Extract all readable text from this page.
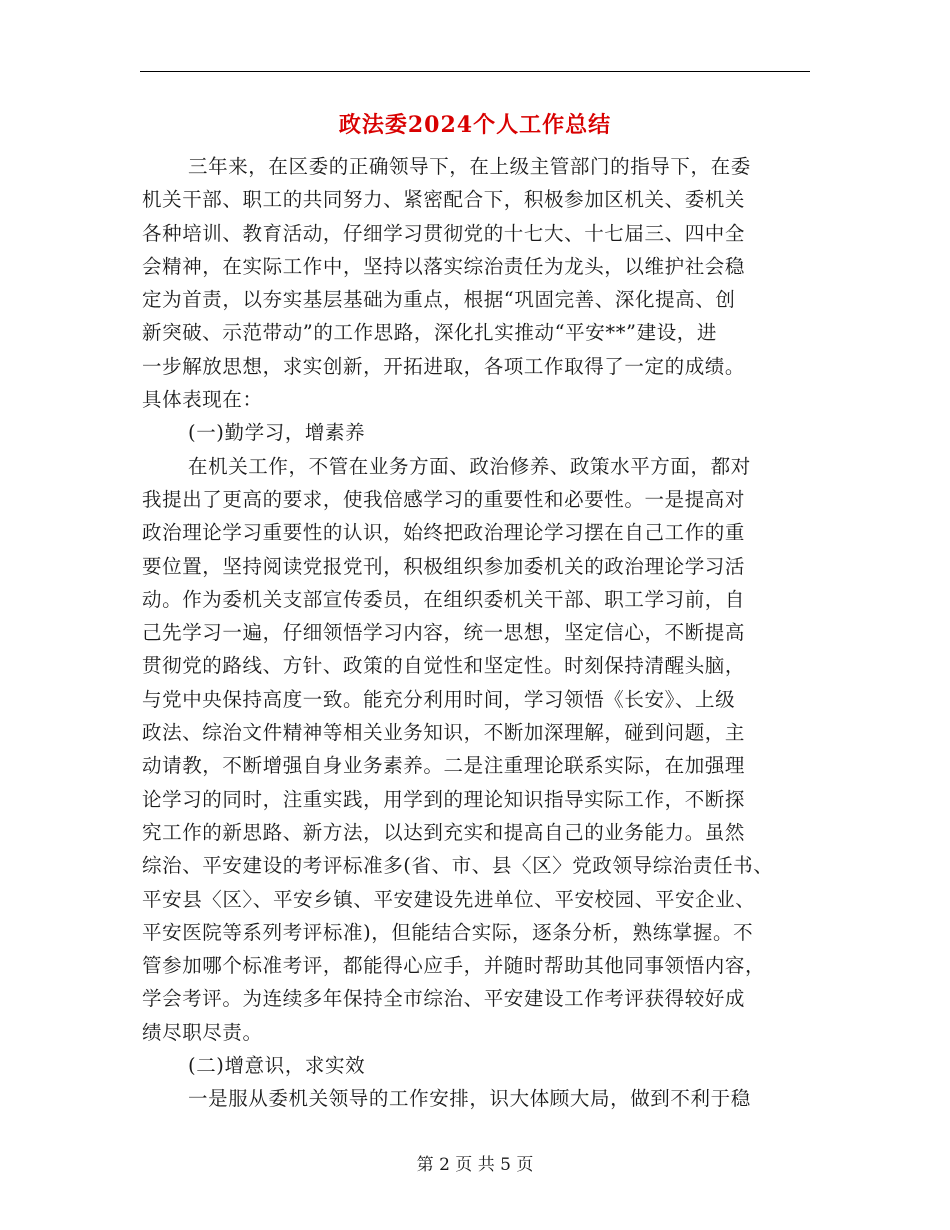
政法委2024个人工作总结
三年来，在区委的正确领导下，在上级主管部门的指导下，在委
机关干部、职工的共同努力、紧密配合下，积极参加区机关、委机关
各种培训、教育活动，仔细学习贯彻党的十七大、十七届三、四中全
会精神，在实际工作中，坚持以落实综治责任为龙头，以维护社会稳
定为首责，以夯实基层基础为重点，根据“巩固完善、深化提高、创
新突破、示范带动”的工作思路，深化扎实推动“平安**”建设，进
一步解放思想，求实创新，开拓进取，各项工作取得了一定的成绩。
具体表现在：
(一)勤学习，增素养
在机关工作，不管在业务方面、政治修养、政策水平方面，都对
我提出了更高的要求，使我倍感学习的重要性和必要性。一是提高对
政治理论学习重要性的认识，始终把政治理论学习摆在自己工作的重
要位置，坚持阅读党报党刊，积极组织参加委机关的政治理论学习活
动。作为委机关支部宣传委员，在组织委机关干部、职工学习前，自
己先学习一遍，仔细领悟学习内容，统一思想，坚定信心，不断提高
贯彻党的路线、方针、政策的自觉性和坚定性。时刻保持清醒头脑，
与党中央保持高度一致。能充分利用时间，学习领悟《长安》、上级
政法、综治文件精神等相关业务知识，不断加深理解，碰到问题，主
动请教，不断增强自身业务素养。二是注重理论联系实际，在加强理
论学习的同时，注重实践，用学到的理论知识指导实际工作，不断探
究工作的新思路、新方法，以达到充实和提高自己的业务能力。虽然
综治、平安建设的考评标准多(省、市、县〈区〉党政领导综治责任书、
平安县〈区〉、平安乡镇、平安建设先进单位、平安校园、平安企业、
平安医院等系列考评标准)，但能结合实际，逐条分析，熟练掌握。不
管参加哪个标准考评，都能得心应手，并随时帮助其他同事领悟内容，
学会考评。为连续多年保持全市综治、平安建设工作考评获得较好成
绩尽职尽责。
(二)增意识，求实效
一是服从委机关领导的工作安排，识大体顾大局，做到不利于稳
第 2 页 共 5 页
